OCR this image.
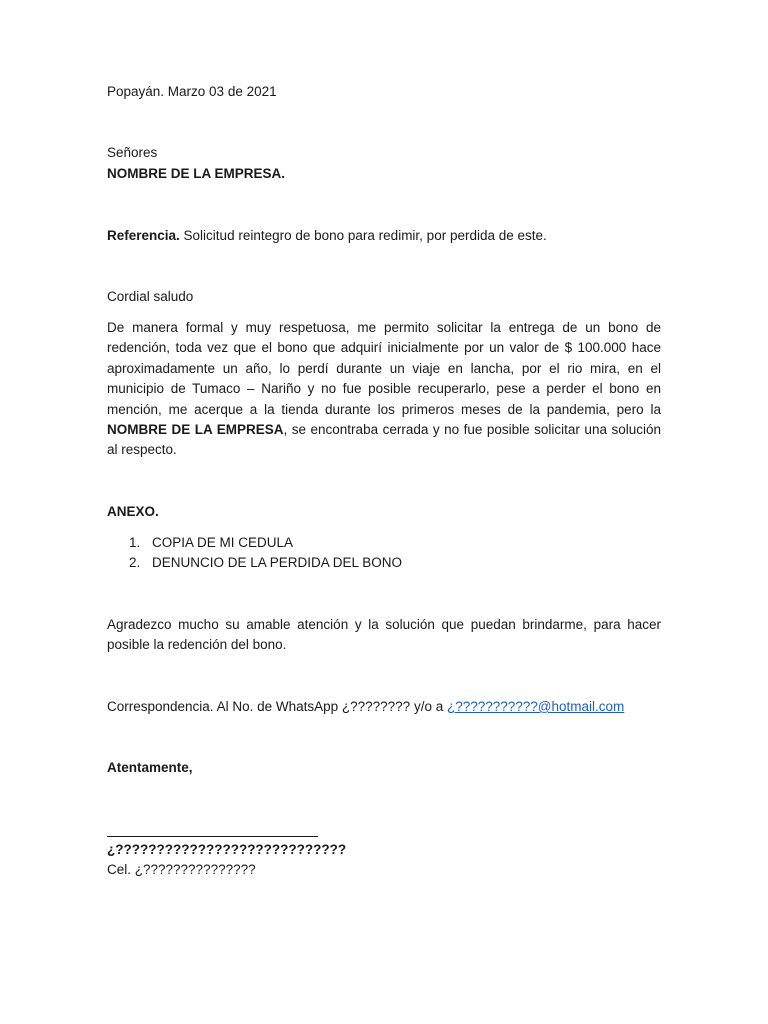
Popayán. Marzo 03 de 2021
Señores
NOMBRE DE LA EMPRESA.
Referencia. Solicitud reintegro de bono para redimir, por perdida de este.
Cordial saludo
De manera formal y muy respetuosa, me permito solicitar la entrega de un bono de redención, toda vez que el bono que adquirí inicialmente por un valor de $ 100.000 hace aproximadamente un año, lo perdí durante un viaje en lancha, por el rio mira, en el municipio de Tumaco – Nariño y no fue posible recuperarlo, pese a perder el bono en mención, me acerque a la tienda durante los primeros meses de la pandemia, pero la NOMBRE DE LA EMPRESA, se encontraba cerrada y no fue posible solicitar una solución al respecto.
ANEXO.
1. COPIA DE MI CEDULA
2. DENUNCIO DE LA PERDIDA DEL BONO
Agradezco mucho su amable atención y la solución que puedan brindarme, para hacer posible la redención del bono.
Correspondencia. Al No. de WhatsApp ¿???????? y/o a ¿???????????@hotmail.com
Atentamente,
¿????????????????????????????
Cel. ¿???????????????
